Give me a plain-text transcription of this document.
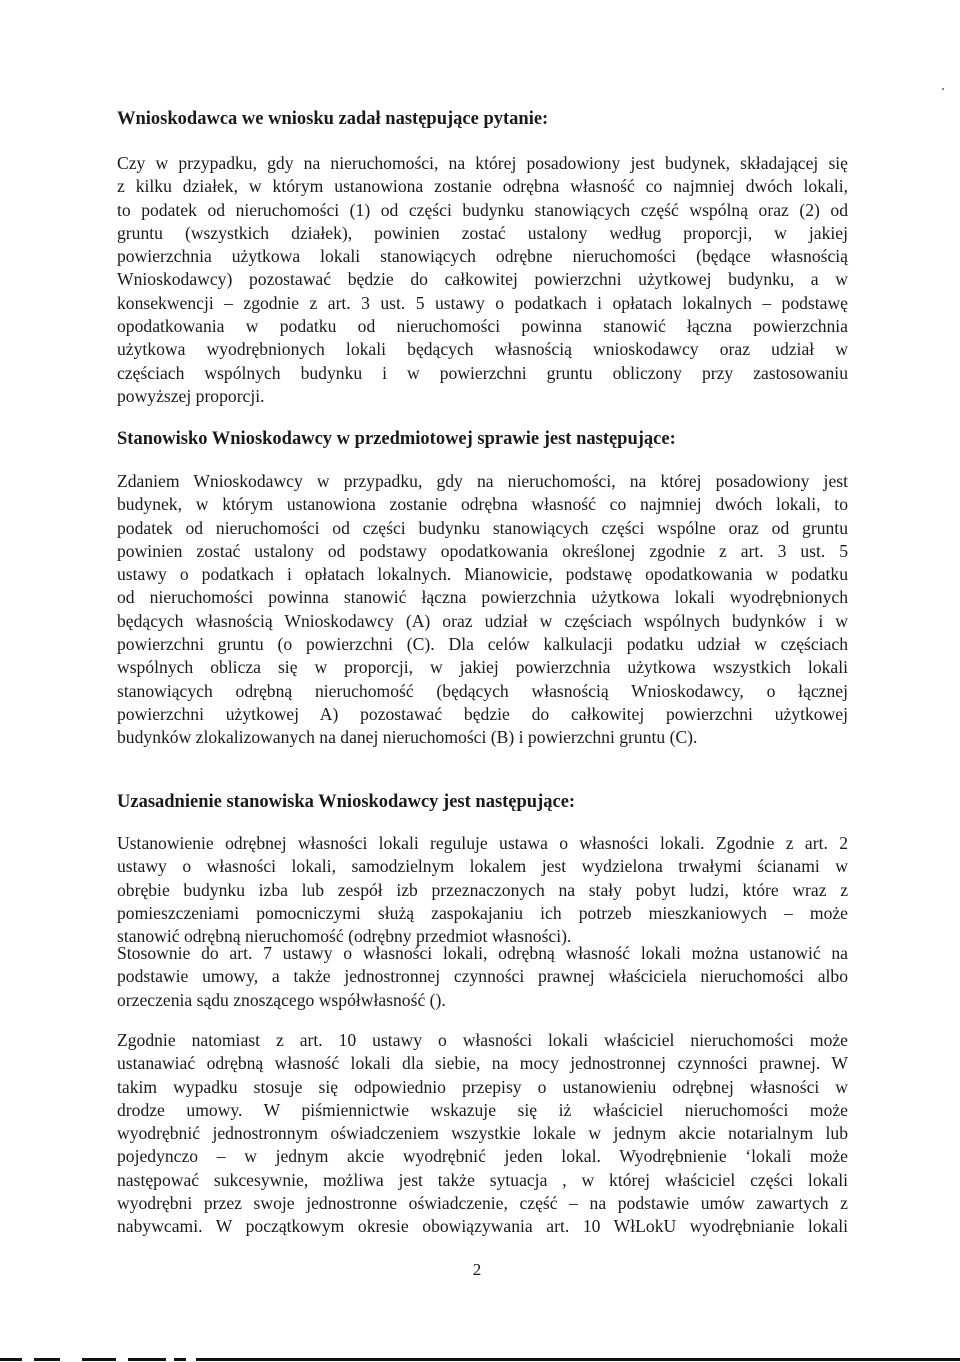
Wnioskodawca we wniosku zadał następujące pytanie:
Czy w przypadku, gdy na nieruchomości, na której posadowiony jest budynek, składającej się
z kilku działek, w którym ustanowiona zostanie odrębna własność co najmniej dwóch lokali,
to podatek od nieruchomości (1) od części budynku stanowiących część wspólną oraz (2) od
gruntu (wszystkich działek), powinien zostać ustalony według proporcji, w jakiej
powierzchnia użytkowa lokali stanowiących odrębne nieruchomości (będące własnością
Wnioskodawcy) pozostawać będzie do całkowitej powierzchni użytkowej budynku, a w
konsekwencji – zgodnie z art. 3 ust. 5 ustawy o podatkach i opłatach lokalnych – podstawę
opodatkowania w podatku od nieruchomości powinna stanowić łączna powierzchnia
użytkowa wyodrębnionych lokali będących własnością wnioskodawcy oraz udział w
częściach wspólnych budynku i w powierzchni gruntu obliczony przy zastosowaniu
powyższej proporcji.
Stanowisko Wnioskodawcy w przedmiotowej sprawie jest następujące:
Zdaniem Wnioskodawcy w przypadku, gdy na nieruchomości, na której posadowiony jest
budynek, w którym ustanowiona zostanie odrębna własność co najmniej dwóch lokali, to
podatek od nieruchomości od części budynku stanowiących części wspólne oraz od gruntu
powinien zostać ustalony od podstawy opodatkowania określonej zgodnie z art. 3 ust. 5
ustawy o podatkach i opłatach lokalnych. Mianowicie, podstawę opodatkowania w podatku
od nieruchomości powinna stanowić łączna powierzchnia użytkowa lokali wyodrębnionych
będących własnością Wnioskodawcy (A) oraz udział w częściach wspólnych budynków i w
powierzchni gruntu (o powierzchni (C). Dla celów kalkulacji podatku udział w częściach
wspólnych oblicza się w proporcji, w jakiej powierzchnia użytkowa wszystkich lokali
stanowiących odrębną nieruchomość (będących własnością Wnioskodawcy, o łącznej
powierzchni użytkowej A) pozostawać będzie do całkowitej powierzchni użytkowej
budynków zlokalizowanych na danej nieruchomości (B) i powierzchni gruntu (C).
Uzasadnienie stanowiska Wnioskodawcy jest następujące:
Ustanowienie odrębnej własności lokali reguluje ustawa o własności lokali. Zgodnie z art. 2
ustawy o własności lokali, samodzielnym lokalem jest wydzielona trwałymi ścianami w
obrębie budynku izba lub zespół izb przeznaczonych na stały pobyt ludzi, które wraz z
pomieszczeniami pomocniczymi służą zaspokajaniu ich potrzeb mieszkaniowych – może
stanowić odrębną nieruchomość (odrębny przedmiot własności).
Stosownie do art. 7 ustawy o własności lokali, odrębną własność lokali można ustanowić na
podstawie umowy, a także jednostronnej czynności prawnej właściciela nieruchomości albo
orzeczenia sądu znoszącego współwłasność ().
Zgodnie natomiast z art. 10 ustawy o własności lokali właściciel nieruchomości może
ustanawiać odrębną własność lokali dla siebie, na mocy jednostronnej czynności prawnej. W
takim wypadku stosuje się odpowiednio przepisy o ustanowieniu odrębnej własności w
drodze umowy. W piśmiennictwie wskazuje się iż właściciel nieruchomości może
wyodrębnić jednostronnym oświadczeniem wszystkie lokale w jednym akcie notarialnym lub
pojedynczo – w jednym akcie wyodrębnić jeden lokal. Wyodrębnienie ‘lokali może
następować sukcesywnie, możliwa jest także sytuacja , w której właściciel części lokali
wyodrębni przez swoje jednostronne oświadczenie, część – na podstawie umów zawartych z
nabywcami. W początkowym okresie obowiązywania art. 10 WłLokU wyodrębnianie lokali
2
